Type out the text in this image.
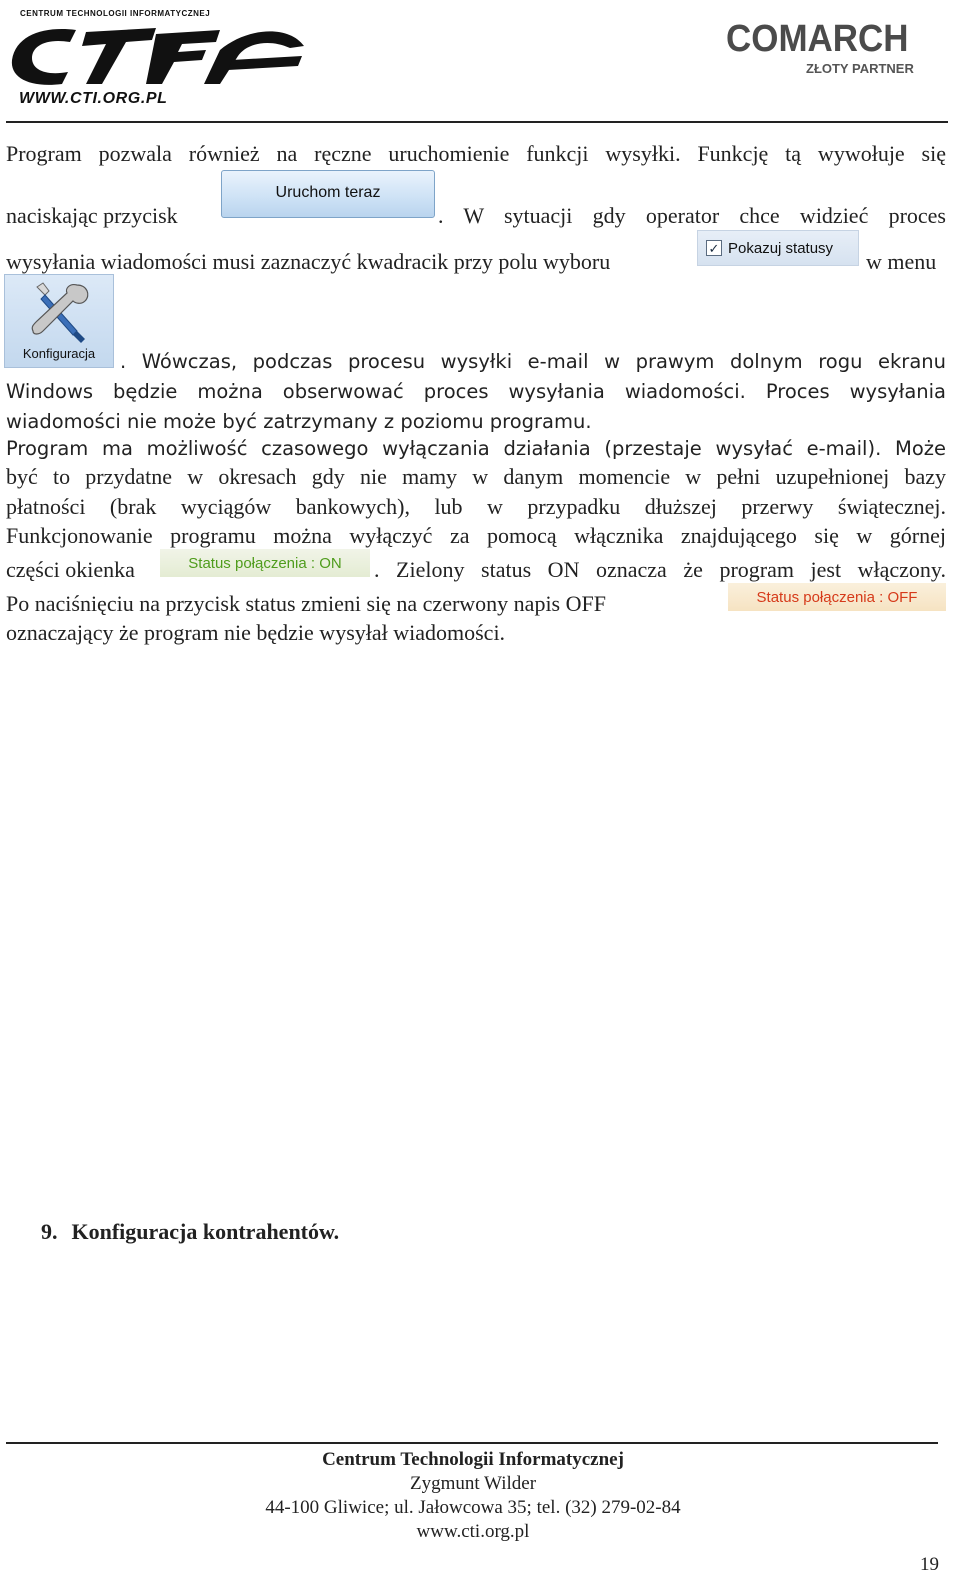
CENTRUM TECHNOLOGII INFORMATYCZNEJ
WWW.CTI.ORG.PL
COMARCH
ZŁOTY PARTNER
Program pozwala również na ręczne uruchomienie funkcji wysyłki. Funkcję tą wywołuje się
naciskając przycisk
Uruchom teraz
. W sytuacji gdy operator chce widzieć proces
wysyłania wiadomości musi zaznaczyć kwadracik przy polu wyboru
✓ Pokazuj statusy
w menu
Konfiguracja	. Wówczas, podczas procesu wysyłki e-mail w prawym dolnym rogu ekranu
Windows będzie można obserwować proces wysyłania wiadomości. Proces wysyłania
wiadomości nie może być zatrzymany z poziomu programu.
Program ma możliwość czasowego wyłączania działania (przestaje wysyłać e-mail). Może
być to przydatne w okresach gdy nie mamy w danym momencie w pełni uzupełnionej bazy
płatności (brak wyciągów bankowych), lub w przypadku dłuższej przerwy świątecznej.
Funkcjonowanie programu można wyłączyć za pomocą włącznika znajdującego się w górnej
części okienka	Status połączenia : ON	. Zielony status ON oznacza że program jest włączony.
Po naciśnięciu na przycisk status zmieni się na czerwony napis OFF	Status połączenia : OFF
oznaczający że program nie będzie wysyłał wiadomości.
9. Konfiguracja kontrahentów.
Centrum Technologii Informatycznej
Zygmunt Wilder
44-100 Gliwice; ul. Jałowcowa 35; tel. (32) 279-02-84
www.cti.org.pl
19
